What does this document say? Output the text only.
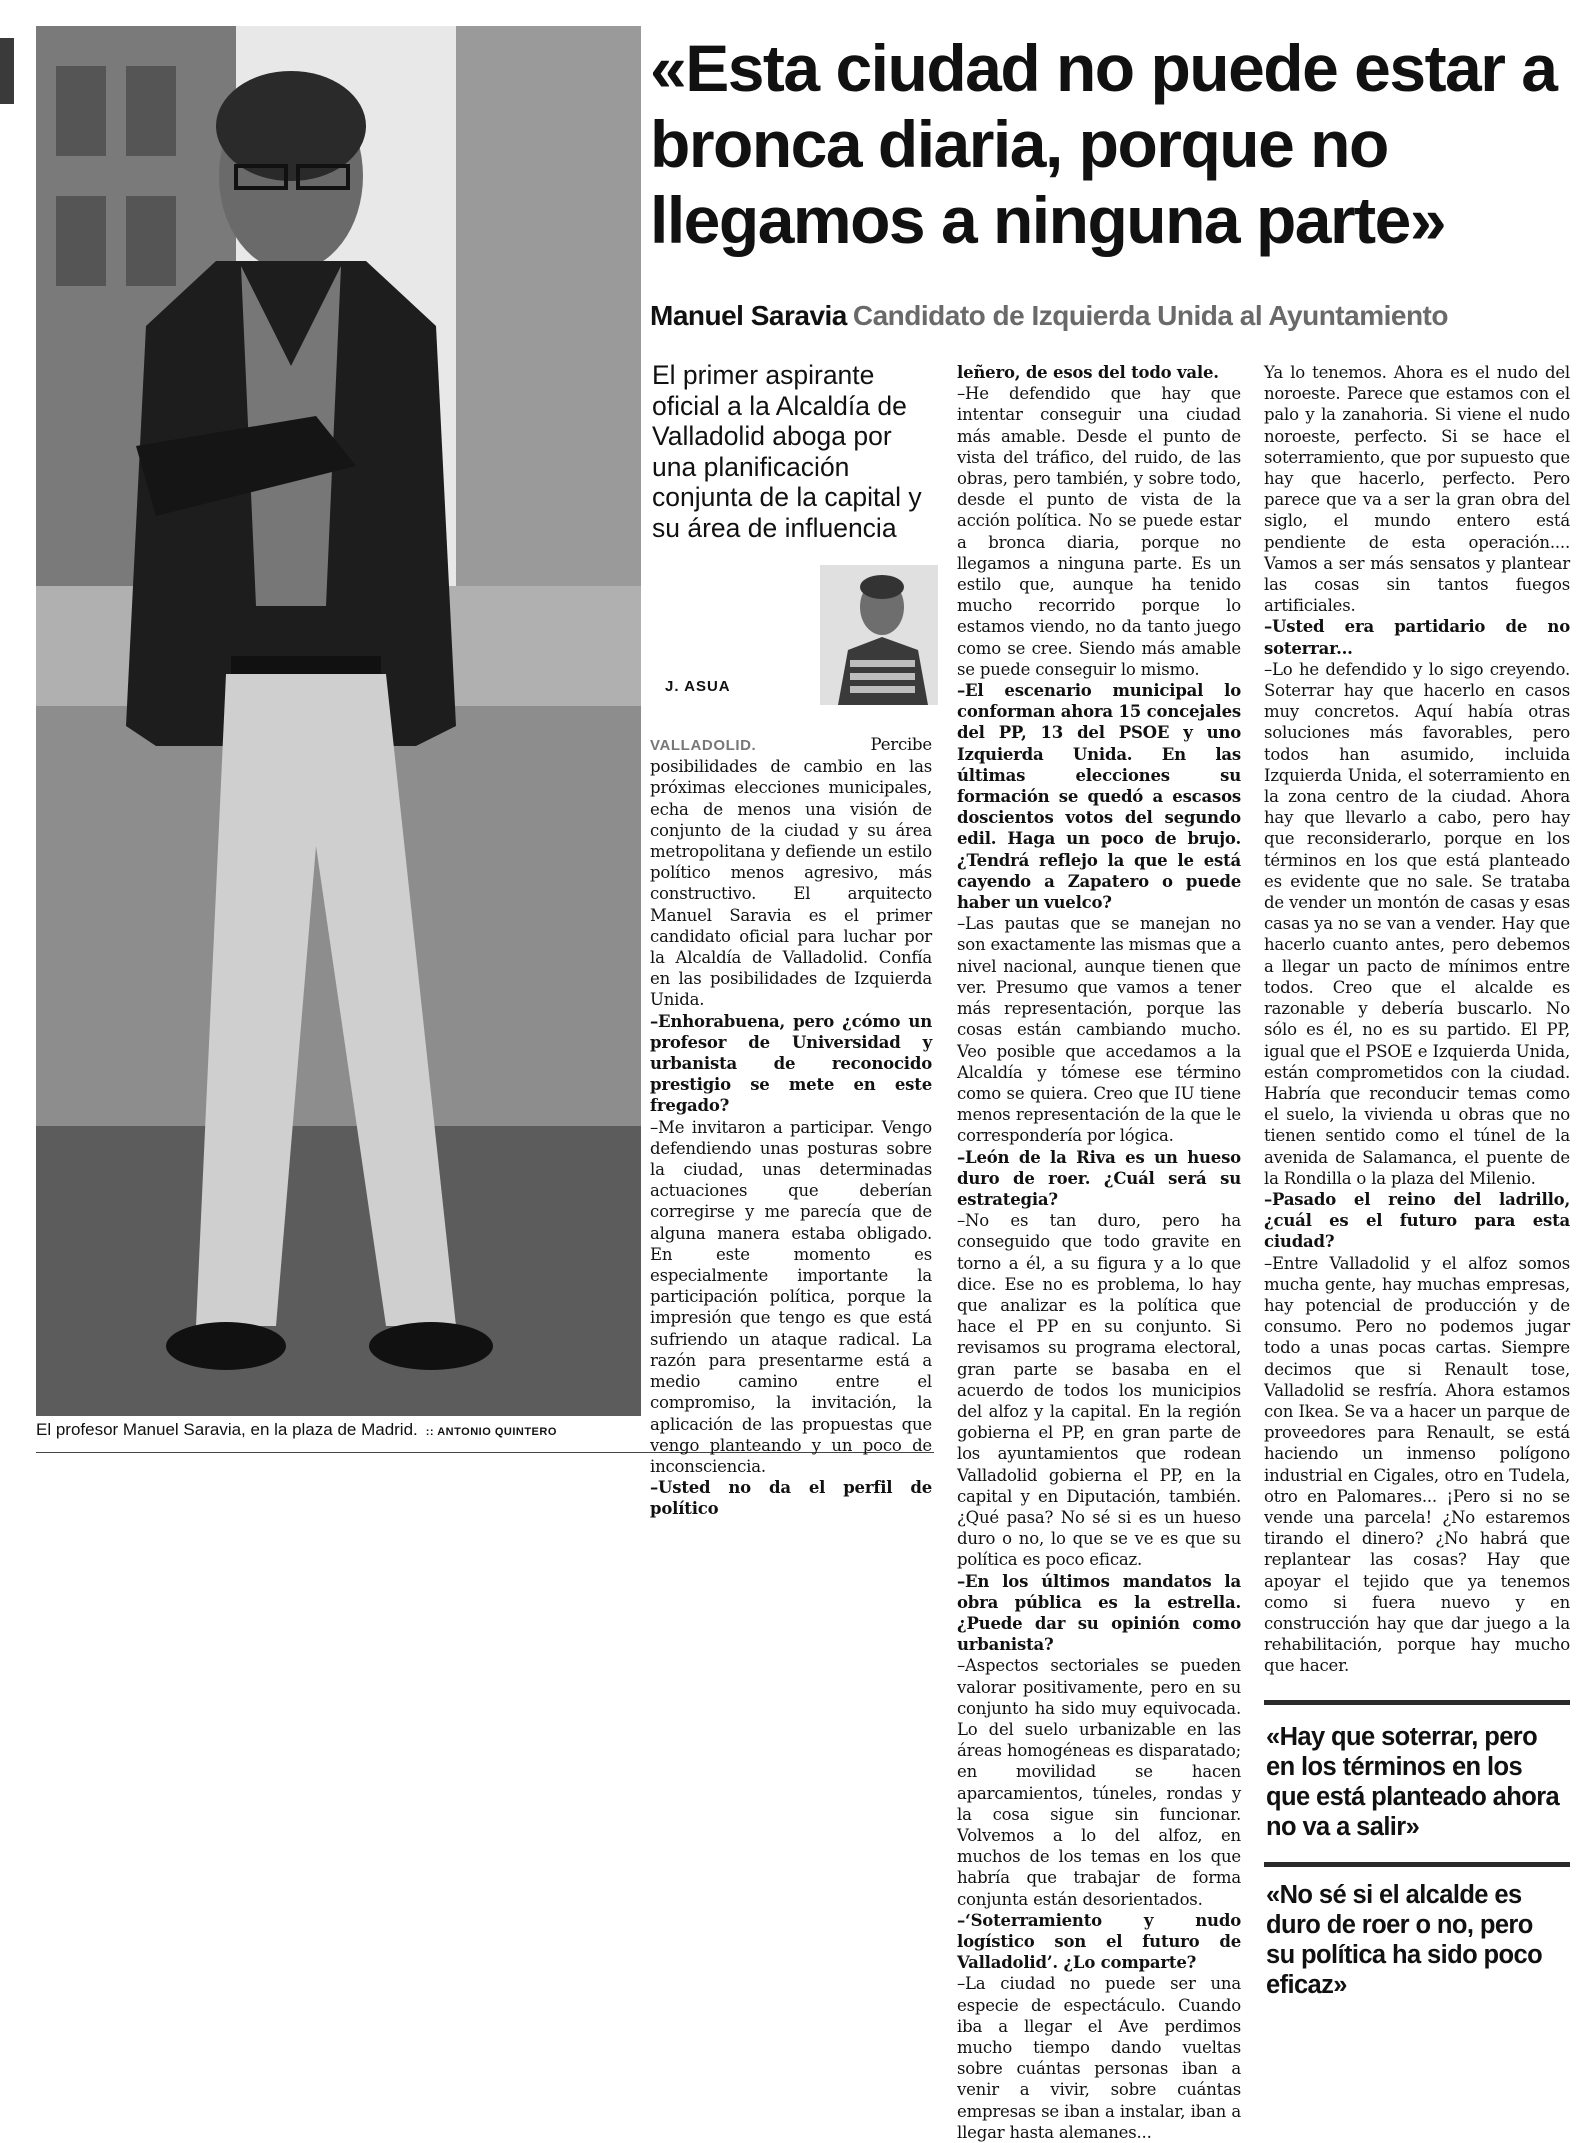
El profesor Manuel Saravia, en la plaza de Madrid. :: ANTONIO QUINTERO
«Esta ciudad no puede estar a bronca diaria, porque no llegamos a ninguna parte»
Manuel Saravia Candidato de Izquierda Unida al Ayuntamiento
El primer aspirante oficial a la Alcaldía de Valladolid aboga por una planificación conjunta de la capital y su área de influencia
J. ASUA

VALLADOLID. Percibe posibilidades de cambio en las próximas elecciones municipales, echa de menos una visión de conjunto de la ciudad y su área metropolitana y defiende un estilo político menos agresivo, más constructivo. El arquitecto Manuel Saravia es el primer candidato oficial para luchar por la Alcaldía de Valladolid. Confía en las posibilidades de Izquierda Unida.

–Enhorabuena, pero ¿cómo un profesor de Universidad y urbanista de reconocido prestigio se mete en este fregado?

–Me invitaron a participar. Vengo defendiendo unas posturas sobre la ciudad, unas determinadas actuaciones que deberían corregirse y me parecía que de alguna manera estaba obligado. En este momento es especialmente importante la participación política, porque la impresión que tengo es que está sufriendo un ataque radical. La razón para presentarme está a medio camino entre el compromiso, la invitación, la aplicación de las propuestas que vengo planteando y un poco de inconsciencia.

–Usted no da el perfil de político

leñero, de esos del todo vale.

–He defendido que hay que intentar conseguir una ciudad más amable. Desde el punto de vista del tráfico, del ruido, de las obras, pero también, y sobre todo, desde el punto de vista de la acción política. No se puede estar a bronca diaria, porque no llegamos a ninguna parte. Es un estilo que, aunque ha tenido mucho recorrido porque lo estamos viendo, no da tanto juego como se cree. Siendo más amable se puede conseguir lo mismo.

–El escenario municipal lo conforman ahora 15 concejales del PP, 13 del PSOE y uno Izquierda Unida. En las últimas elecciones su formación se quedó a escasos doscientos votos del segundo edil. Haga un poco de brujo. ¿Tendrá reflejo la que le está cayendo a Zapatero o puede haber un vuelco?

–Las pautas que se manejan no son exactamente las mismas que a nivel nacional, aunque tienen que ver. Presumo que vamos a tener más representación, porque las cosas están cambiando mucho. Veo posible que accedamos a la Alcaldía y tómese ese término como se quiera. Creo que IU tiene menos representación de la que le correspondería por lógica.

–León de la Riva es un hueso duro de roer. ¿Cuál será su estrategia?

–No es tan duro, pero ha conseguido que todo gravite en torno a él, a su figura y a lo que dice. Ese no es problema, lo hay que analizar es la política que hace el PP en su conjunto. Si revisamos su programa electoral, gran parte se basaba en el acuerdo de todos los municipios del alfoz y la capital. En la región gobierna el PP, en gran parte de los ayuntamientos que rodean Valladolid gobierna el PP, en la capital y en Diputación, también. ¿Qué pasa? No sé si es un hueso duro o no, lo que se ve es que su política es poco eficaz.

–En los últimos mandatos la obra pública es la estrella. ¿Puede dar su opinión como urbanista?

–Aspectos sectoriales se pueden valorar positivamente, pero en su conjunto ha sido muy equivocada. Lo del suelo urbanizable en las áreas homogéneas es disparatado; en movilidad se hacen aparcamientos, túneles, rondas y la cosa sigue sin funcionar. Volvemos a lo del alfoz, en muchos de los temas en los que habría que trabajar de forma conjunta están desorientados.

–‘Soterramiento y nudo logístico son el futuro de Valladolid’. ¿Lo comparte?

–La ciudad no puede ser una especie de espectáculo. Cuando iba a llegar el Ave perdimos mucho tiempo dando vueltas sobre cuántas personas iban a venir a vivir, sobre cuántas empresas se iban a instalar, iban a llegar hasta alemanes...

Ya lo tenemos. Ahora es el nudo del noroeste. Parece que estamos con el palo y la zanahoria. Si viene el nudo noroeste, perfecto. Si se hace el soterramiento, que por supuesto que hay que hacerlo, perfecto. Pero parece que va a ser la gran obra del siglo, el mundo entero está pendiente de esta operación.... Vamos a ser más sensatos y plantear las cosas sin tantos fuegos artificiales.

–Usted era partidario de no soterrar...

–Lo he defendido y lo sigo creyendo. Soterrar hay que hacerlo en casos muy concretos. Aquí había otras soluciones más favorables, pero todos han asumido, incluida Izquierda Unida, el soterramiento en la zona centro de la ciudad. Ahora hay que llevarlo a cabo, pero hay que reconsiderarlo, porque en los términos en los que está planteado es evidente que no sale. Se trataba de vender un montón de casas y esas casas ya no se van a vender. Hay que hacerlo cuanto antes, pero debemos a llegar un pacto de mínimos entre todos. Creo que el alcalde es razonable y debería buscarlo. No sólo es él, no es su partido. El PP, igual que el PSOE e Izquierda Unida, están comprometidos con la ciudad. Habría que reconducir temas como el suelo, la vivienda u obras que no tienen sentido como el túnel de la avenida de Salamanca, el puente de la Rondilla o la plaza del Milenio.

–Pasado el reino del ladrillo, ¿cuál es el futuro para esta ciudad?

–Entre Valladolid y el alfoz somos mucha gente, hay muchas empresas, hay potencial de producción y de consumo. Pero no podemos jugar todo a unas pocas cartas. Siempre decimos que si Renault tose, Valladolid se resfría. Ahora estamos con Ikea. Se va a hacer un parque de proveedores para Renault, se está haciendo un inmenso polígono industrial en Cigales, otro en Tudela, otro en Palomares... ¡Pero si no se vende una parcela! ¿No estaremos tirando el dinero? ¿No habrá que replantear las cosas? Hay que apoyar el tejido que ya tenemos como si fuera nuevo y en construcción hay que dar juego a la rehabilitación, porque hay mucho que hacer.

«Hay que soterrar, pero en los términos en los que está planteado ahora no va a salir»
«No sé si el alcalde es duro de roer o no, pero su política ha sido poco eficaz»
